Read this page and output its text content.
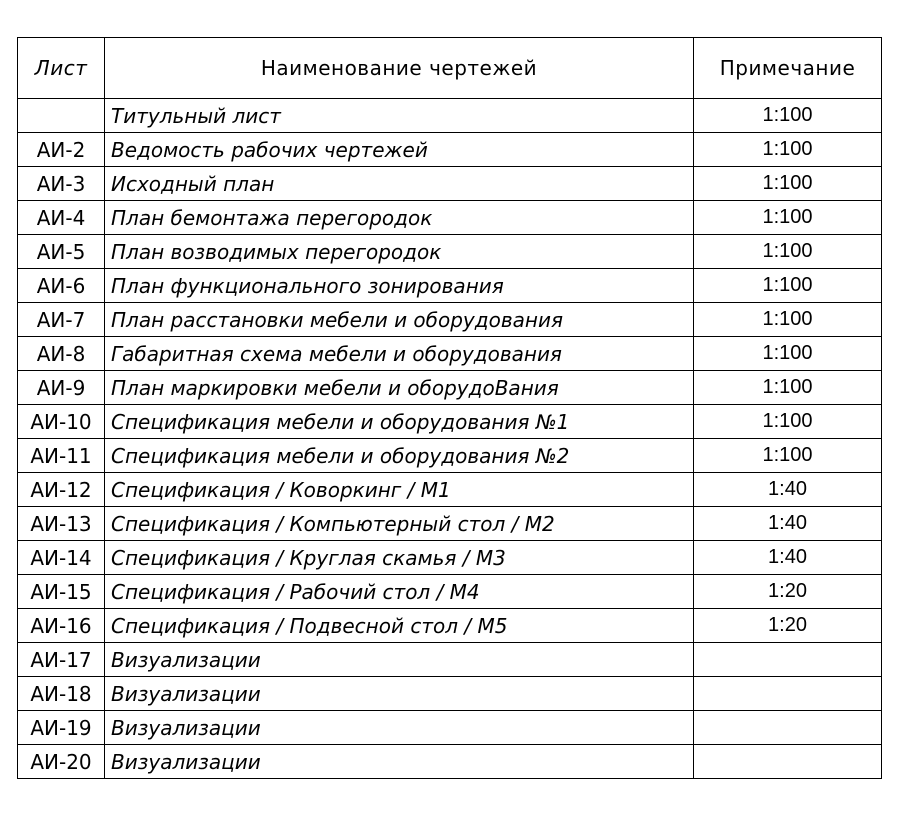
Лист	Наименование чертежей	Примечание
	Титульный лист	1:100
АИ-2	Ведомость рабочих чертежей	1:100
АИ-3	Исходный план	1:100
АИ-4	План бемонтажа перегородок	1:100
АИ-5	План возводимых перегородок	1:100
АИ-6	План функционального зонирования	1:100
АИ-7	План расстановки мебели и оборудования	1:100
АИ-8	Габаритная схема мебели и оборудования	1:100
АИ-9	План маркировки мебели и оборудоВания	1:100
АИ-10	Спецификация мебели и оборудования №1	1:100
АИ-11	Спецификация мебели и оборудования №2	1:100
АИ-12	Спецификация / Коворкинг / М1	1:40
АИ-13	Спецификация / Компьютерный стол / М2	1:40
АИ-14	Спецификация / Круглая скамья / М3	1:40
АИ-15	Спецификация / Рабочий стол / М4	1:20
АИ-16	Спецификация / Подвесной стол / М5	1:20
АИ-17	Визуализации	
АИ-18	Визуализации	
АИ-19	Визуализации	
АИ-20	Визуализации	
